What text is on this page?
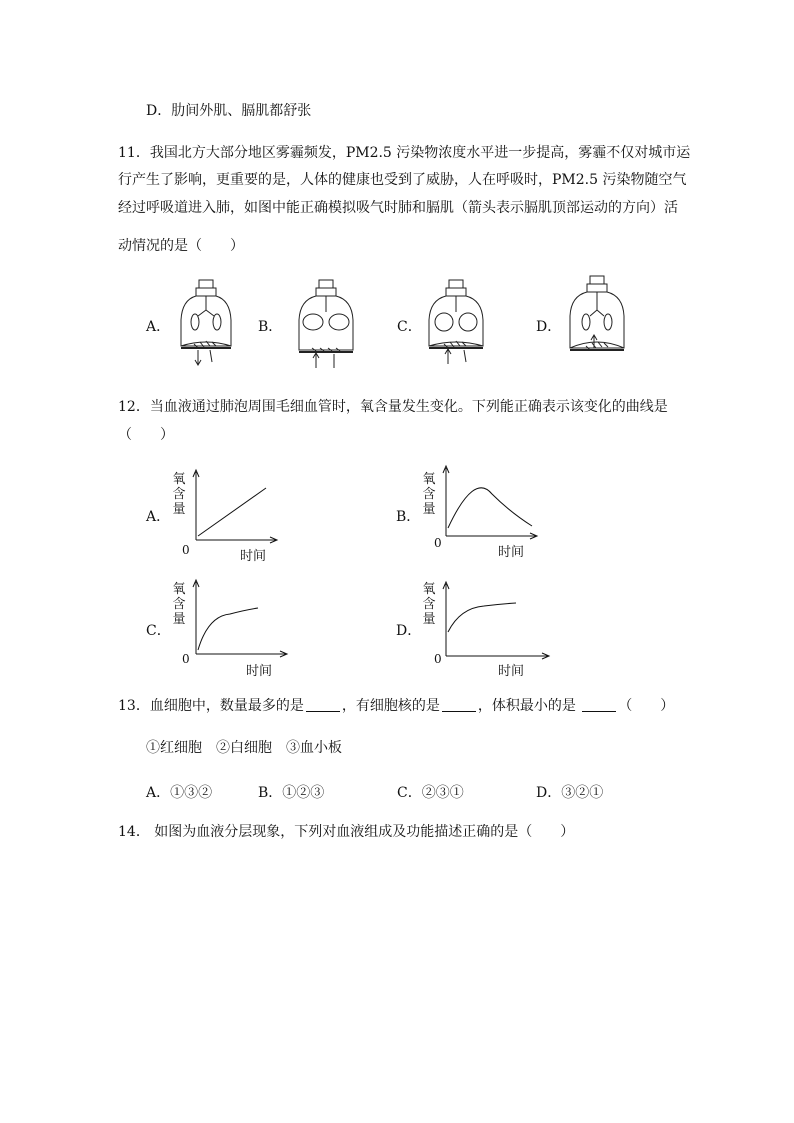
D．肋间外肌、膈肌都舒张
11．我国北方大部分地区雾霾频发，PM2.5 污染物浓度水平进一步提高，雾霾不仅对城市运
行产生了影响，更重要的是，人体的健康也受到了威胁，人在呼吸时，PM2.5 污染物随空气
经过呼吸道进入肺，如图中能正确模拟吸气时肺和膈肌（箭头表示膈肌顶部运动的方向）活
动情况的是（　　）
A．	B．	C．	D．
12．当血液通过肺泡周围毛细血管时，氧含量发生变化。下列能正确表示该变化的曲线是
（　　）
A．
氧
含
量
0	时间
B．
氧
含
量
0
时间
C．
氧
含
量
0
时间
D．
氧
含
量
0
时间
13．血细胞中，数量最多的是	，有细胞核的是	，体积最小的是	（　　）
①红细胞　②白细胞　③血小板
A．①③②	B．①②③	C．②③①	D．③②①
14． 如图为血液分层现象，下列对血液组成及功能描述正确的是（　　）
